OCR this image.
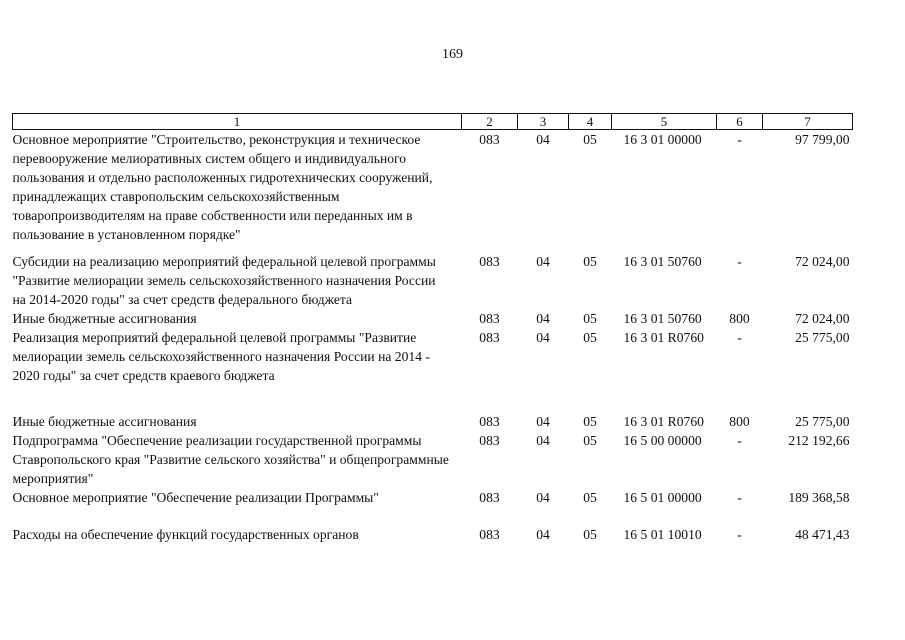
169
1	2	3	4	5	6	7
Основное мероприятие "Строительство, реконструкция и техническое перевооружение мелиоративных систем общего и индивидуального пользования и отдельно расположенных гидротехнических сооружений, принадлежащих ставропольским сельскохозяйственным товаропроизводителям на праве собственности или переданных им в пользование в установленном порядке"	083	04	05	16 3 01 00000	-	97 799,00
Субсидии на реализацию мероприятий федеральной целевой программы "Развитие мелиорации земель сельскохозяйственного назначения России на 2014-2020 годы" за счет средств федерального бюджета	083	04	05	16 3 01 50760	-	72 024,00
Иные бюджетные ассигнования	083	04	05	16 3 01 50760	800	72 024,00
Реализация мероприятий федеральной целевой программы "Развитие мелиорации земель сельскохозяйственного назначения России на 2014 - 2020 годы" за счет средств краевого бюджета	083	04	05	16 3 01 R0760	-	25 775,00
Иные бюджетные ассигнования	083	04	05	16 3 01 R0760	800	25 775,00
Подпрограмма "Обеспечение реализации государственной программы Ставропольского края "Развитие сельского хозяйства" и общепрограммные мероприятия"	083	04	05	16 5 00 00000	-	212 192,66
Основное мероприятие "Обеспечение реализации Программы"	083	04	05	16 5 01 00000	-	189 368,58
Расходы на обеспечение функций государственных органов	083	04	05	16 5 01 10010	-	48 471,43
